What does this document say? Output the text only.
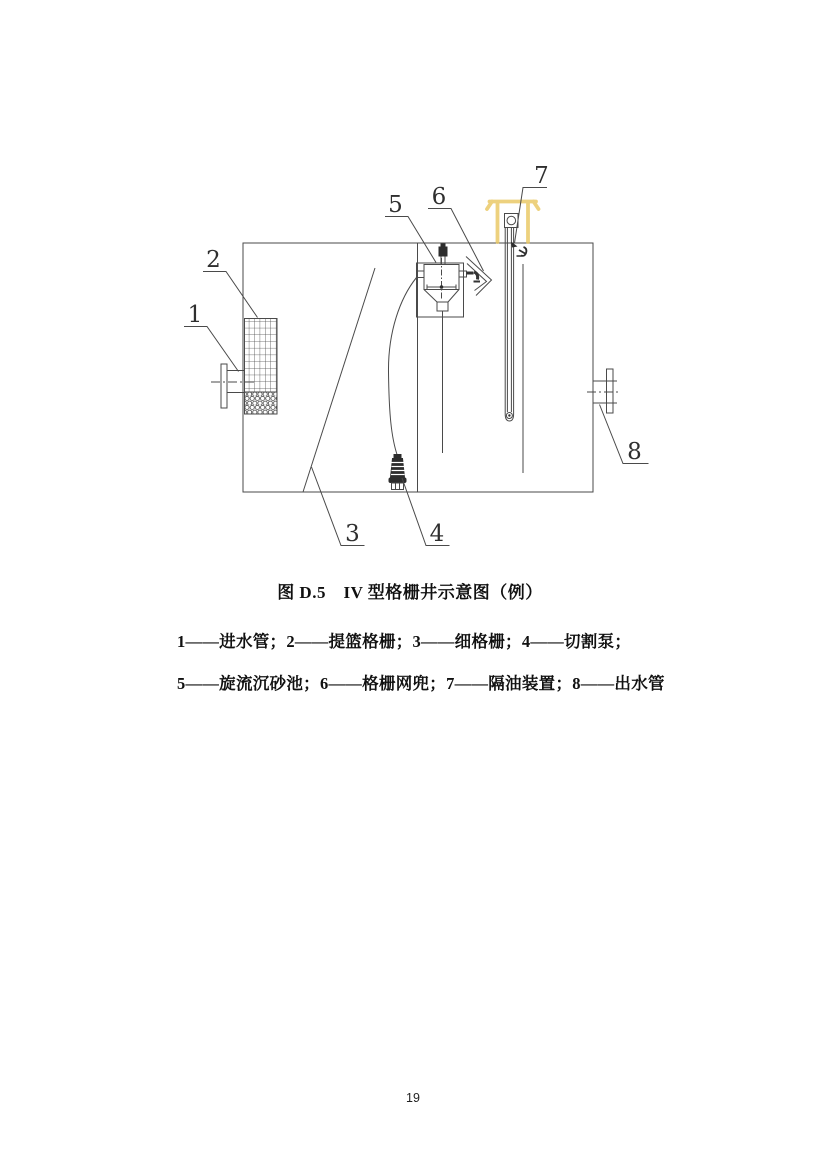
1
2
3	4
5 6
7
8
图 D.5　IV 型格栅井示意图（例）
1——进水管；2——提篮格栅；3——细格栅；4——切割泵；
5——旋流沉砂池；6——格栅网兜；7——隔油装置；8——出水管
19
